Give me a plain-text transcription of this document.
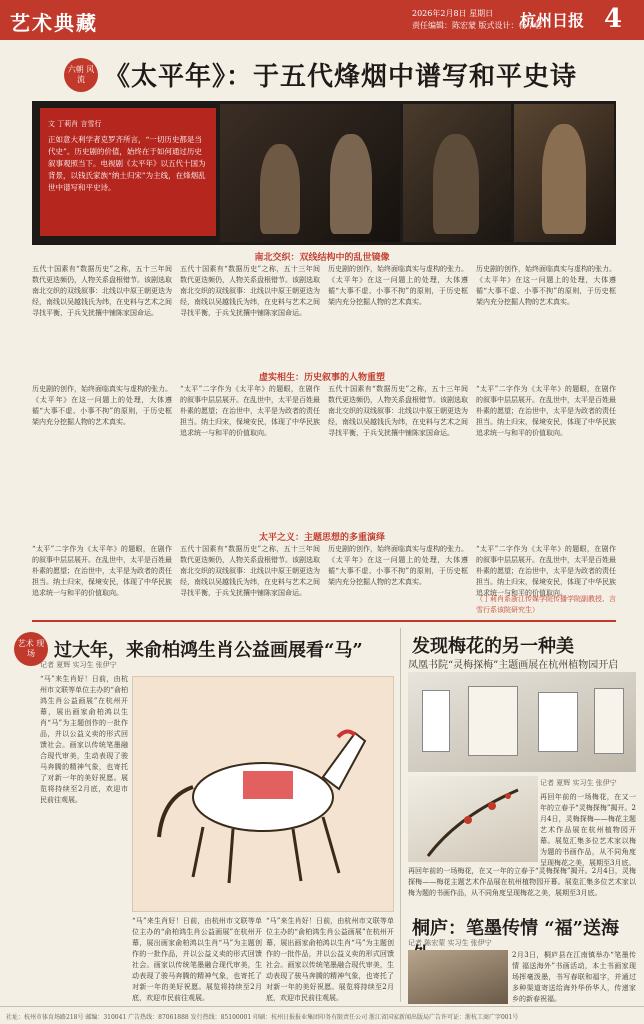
艺术典藏	2026年2月8日 星期日
责任编辑：陈宏蒙 版式设计：杨华蓉
杭州日报 4
六朝 风流 《太平年》：于五代烽烟中谱写和平史诗
文 丁莉肖 言雪行
正如意大利学者克罗齐所言，“一切历史都是当代史”。历史剧的价值，始终在于如何通过历史叙事观照当下。电视剧《太平年》以五代十国为背景，以钱氏家族“纳土归宋”为主线，在烽烟乱世中谱写和平史诗。
南北交织：双线结构中的乱世镜像
五代十国素有“数据历史”之称，五十三年间数代更迭频仍，人物关系盘根错节。该剧选取南北交织的双线叙事：北线以中原王朝更迭为经，南线以吴越钱氏为纬，在史料与艺术之间寻找平衡，于兵戈扰攘中铺陈家国命运。
五代十国素有“数据历史”之称，五十三年间数代更迭频仍，人物关系盘根错节。该剧选取南北交织的双线叙事：北线以中原王朝更迭为经，南线以吴越钱氏为纬，在史料与艺术之间寻找平衡，于兵戈扰攘中铺陈家国命运。
历史剧的创作，始终面临真实与虚构的张力。《太平年》在这一问题上的处理，大体遵循“大事不虚、小事不拘”的原则，于历史框架内充分挖掘人物的艺术真实。
历史剧的创作，始终面临真实与虚构的张力。《太平年》在这一问题上的处理，大体遵循“大事不虚、小事不拘”的原则，于历史框架内充分挖掘人物的艺术真实。
虚实相生：历史叙事的人物重塑
历史剧的创作，始终面临真实与虚构的张力。《太平年》在这一问题上的处理，大体遵循“大事不虚、小事不拘”的原则，于历史框架内充分挖掘人物的艺术真实。
“太平”二字作为《太平年》的题眼，在剧作的叙事中层层展开。在乱世中，太平是百姓最朴素的愿望；在治世中，太平是为政者的责任担当。纳土归宋，保境安民，体现了中华民族追求统一与和平的价值取向。
五代十国素有“数据历史”之称，五十三年间数代更迭频仍，人物关系盘根错节。该剧选取南北交织的双线叙事：北线以中原王朝更迭为经，南线以吴越钱氏为纬，在史料与艺术之间寻找平衡，于兵戈扰攘中铺陈家国命运。
“太平”二字作为《太平年》的题眼，在剧作的叙事中层层展开。在乱世中，太平是百姓最朴素的愿望；在治世中，太平是为政者的责任担当。纳土归宋，保境安民，体现了中华民族追求统一与和平的价值取向。
太平之义：主题思想的多重演绎
“太平”二字作为《太平年》的题眼，在剧作的叙事中层层展开。在乱世中，太平是百姓最朴素的愿望；在治世中，太平是为政者的责任担当。纳土归宋，保境安民，体现了中华民族追求统一与和平的价值取向。
五代十国素有“数据历史”之称，五十三年间数代更迭频仍，人物关系盘根错节。该剧选取南北交织的双线叙事：北线以中原王朝更迭为经，南线以吴越钱氏为纬，在史料与艺术之间寻找平衡，于兵戈扰攘中铺陈家国命运。
历史剧的创作，始终面临真实与虚构的张力。《太平年》在这一问题上的处理，大体遵循“大事不虚、小事不拘”的原则，于历史框架内充分挖掘人物的艺术真实。
“太平”二字作为《太平年》的题眼，在剧作的叙事中层层展开。在乱世中，太平是百姓最朴素的愿望；在治世中，太平是为政者的责任担当。纳土归宋，保境安民，体现了中华民族追求统一与和平的价值取向。
（丁莉肖系浙江传媒学院传播学院副教授、言雪行系该院研究生）
艺术 现场	过大年，来俞柏鸿生肖公益画展看“马”
记者 夏辉 实习生 张伊宁
“马”来生肖好！日前，由杭州市文联等单位主办的“俞柏鸿生肖公益画展”在杭州开幕，展出画家俞柏鸿以生肖“马”为主题创作的一批作品，并以公益义卖的形式回馈社会。画家以传统笔墨融合现代审美，生动表现了骏马奔腾的精神气象，也寄托了对新一年的美好祝愿。展览将持续至2月底，欢迎市民前往观展。
“马”来生肖好！日前，由杭州市文联等单位主办的“俞柏鸿生肖公益画展”在杭州开幕，展出画家俞柏鸿以生肖“马”为主题创作的一批作品，并以公益义卖的形式回馈社会。画家以传统笔墨融合现代审美，生动表现了骏马奔腾的精神气象，也寄托了对新一年的美好祝愿。展览将持续至2月底，欢迎市民前往观展。
“马”来生肖好！日前，由杭州市文联等单位主办的“俞柏鸿生肖公益画展”在杭州开幕，展出画家俞柏鸿以生肖“马”为主题创作的一批作品，并以公益义卖的形式回馈社会。画家以传统笔墨融合现代审美，生动表现了骏马奔腾的精神气象，也寄托了对新一年的美好祝愿。展览将持续至2月底，欢迎市民前往观展。
发现梅花的另一种美
凤凰书院“灵梅探梅”主题画展在杭州植物园开启
记者 夏辉 实习生 张伊宁
再回年前的一场梅花，在又一年的立春予“灵梅探梅”揭开。2月4日，灵梅探梅——梅花主题艺术作品展在杭州植物园开幕。展览汇集多位艺术家以梅为题的书画作品，从不同角度呈现梅花之美，展期至3月底。
再回年前的一场梅花，在又一年的立春予“灵梅探梅”揭开。2月4日，灵梅探梅——梅花主题艺术作品展在杭州植物园开幕。展览汇集多位艺术家以梅为题的书画作品，从不同角度呈现梅花之美，展期至3月底。
桐庐：笔墨传情 “福”送海
记者 陈宏蒙 实习生 张伊宁
2月3日，桐庐县在江南镇举办“笔墨传情 福送海外”书画活动，本土书画家现场挥毫泼墨，书写春联和福字，并通过多种渠道寄送给海外华侨华人，传递家乡的新春祝福。
社址：杭州市体育场路218号 邮编：310041 广告热线：87061888 发行热线：85100001 印刷：杭州日报报业集团印务有限责任公司 浙江省国家新闻出版局广告许可证：浙杭工商广字001号
